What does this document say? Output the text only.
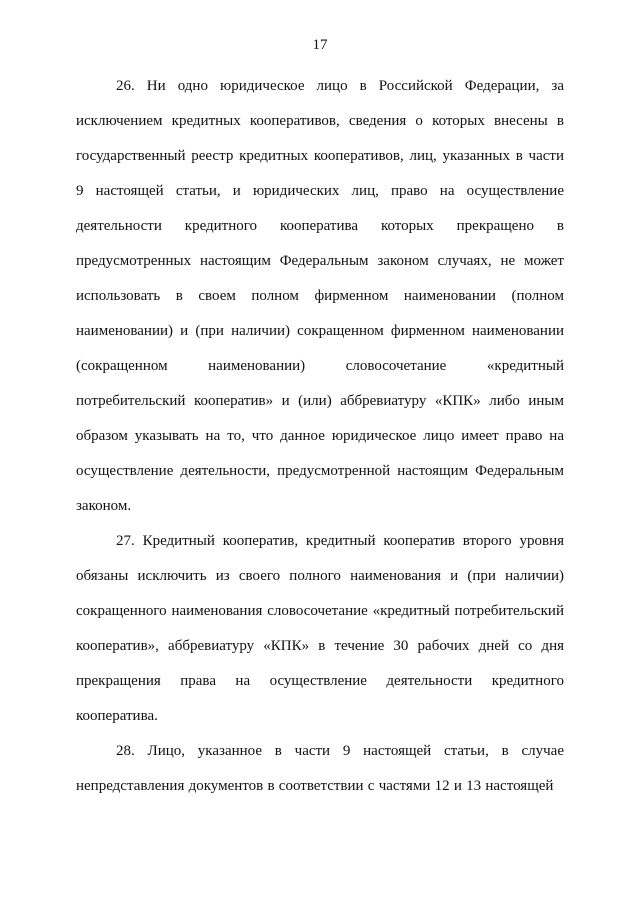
17

26. Ни одно юридическое лицо в Российской Федерации, за исключением кредитных кооперативов, сведения о которых внесены в государственный реестр кредитных кооперативов, лиц, указанных в части 9 настоящей статьи, и юридических лиц, право на осуществление деятельности кредитного кооператива которых прекращено в предусмотренных настоящим Федеральным законом случаях, не может использовать в своем полном фирменном наименовании (полном наименовании) и (при наличии) сокращенном фирменном наименовании (сокращенном наименовании) словосочетание «кредитный потребительский кооператив» и (или) аббревиатуру «КПК» либо иным образом указывать на то, что данное юридическое лицо имеет право на осуществление деятельности, предусмотренной настоящим Федеральным законом.

27. Кредитный кооператив, кредитный кооператив второго уровня обязаны исключить из своего полного наименования и (при наличии) сокращенного наименования словосочетание «кредитный потребительский кооператив», аббревиатуру «КПК» в течение 30 рабочих дней со дня прекращения права на осуществление деятельности кредитного кооператива.

28. Лицо, указанное в части 9 настоящей статьи, в случае непредставления документов в соответствии с частями 12 и 13 настоящей
